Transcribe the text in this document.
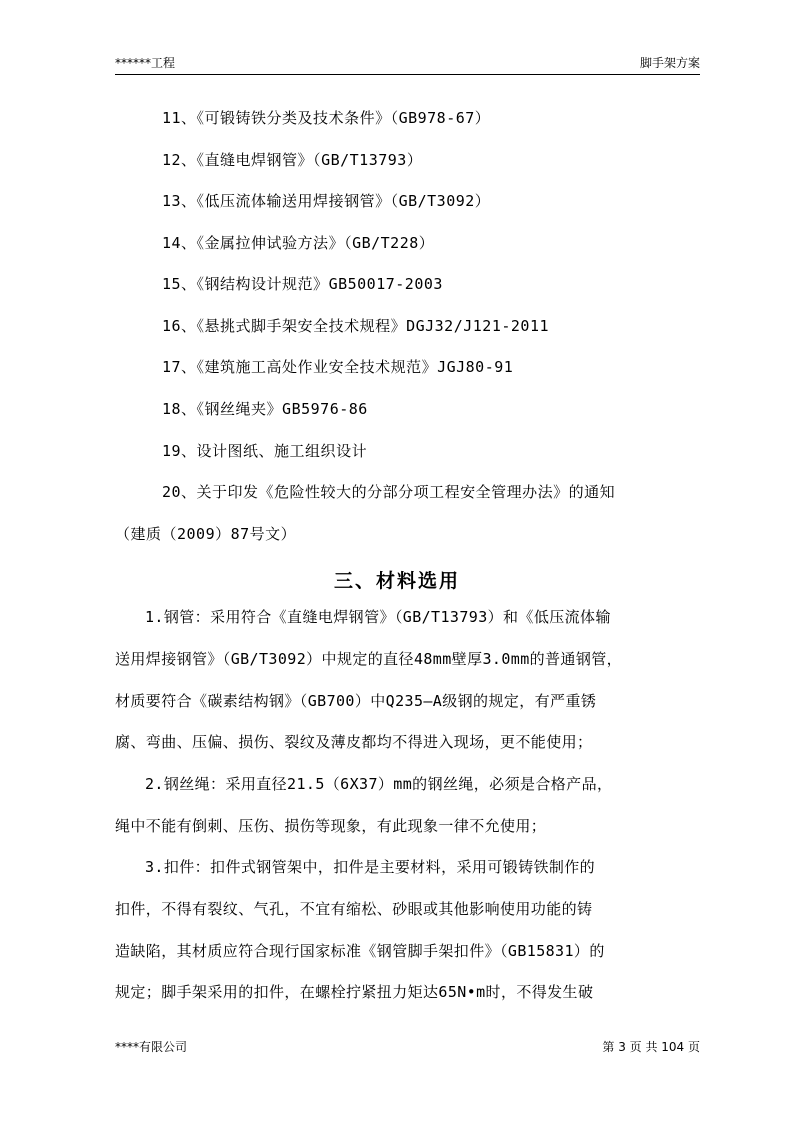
******工程	脚手架方案
11、《可锻铸铁分类及技术条件》（GB978-67）
12、《直缝电焊钢管》（GB/T13793）
13、《低压流体输送用焊接钢管》（GB/T3092）
14、《金属拉伸试验方法》（GB/T228）
15、《钢结构设计规范》GB50017-2003
16、《悬挑式脚手架安全技术规程》DGJ32/J121-2011
17、《建筑施工高处作业安全技术规范》JGJ80-91
18、《钢丝绳夹》GB5976-86
19、设计图纸、施工组织设计
20、关于印发《危险性较大的分部分项工程安全管理办法》的通知
（建质（2009）87号文）
三、材料选用
1.钢管：采用符合《直缝电焊钢管》（GB/T13793）和《低压流体输
送用焊接钢管》（GB/T3092）中规定的直径48mm壁厚3.0mm的普通钢管，
材质要符合《碳素结构钢》（GB700）中Q235—A级钢的规定，有严重锈
腐、弯曲、压偏、损伤、裂纹及薄皮都均不得进入现场，更不能使用；
2.钢丝绳：采用直径21.5（6X37）mm的钢丝绳，必须是合格产品，
绳中不能有倒刺、压伤、损伤等现象，有此现象一律不允使用；
3.扣件：扣件式钢管架中，扣件是主要材料，采用可锻铸铁制作的
扣件，不得有裂纹、气孔，不宜有缩松、砂眼或其他影响使用功能的铸
造缺陷，其材质应符合现行国家标准《钢管脚手架扣件》（GB15831）的
规定；脚手架采用的扣件，在螺栓拧紧扭力矩达65N•m时，不得发生破
****有限公司	第 3 页 共 104 页
